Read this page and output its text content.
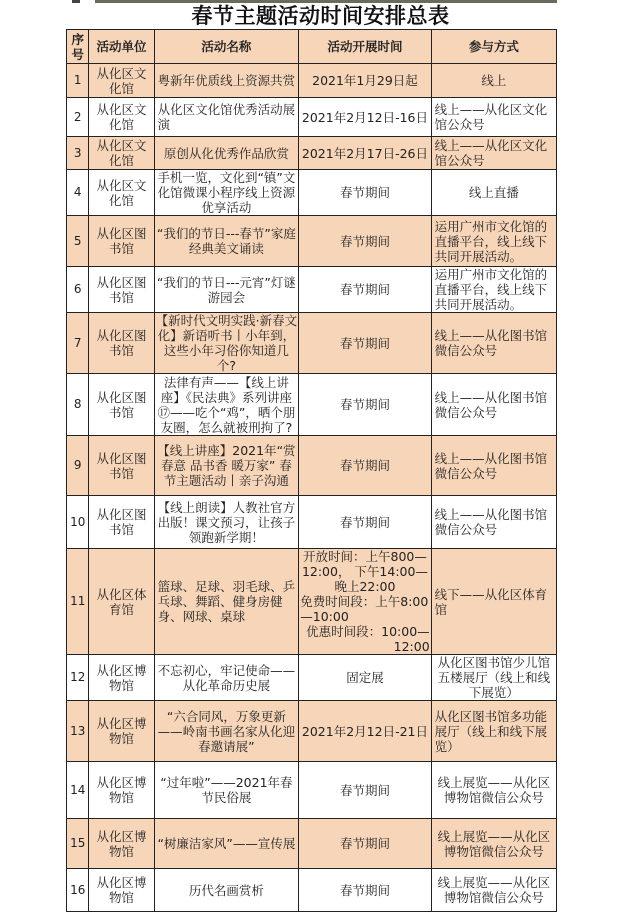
春节主题活动时间安排总表
序号	活动单位	活动名称	活动开展时间	参与方式
1	从化区文化馆	粤新年优质线上资源共赏	2021年1月29日起	线上
2	从化区文化馆	从化区文化馆优秀活动展演	2021年2月12日-16日	线上——从化区文化馆公众号
3	从化区文化馆	原创从化优秀作品欣赏	2021年2月17日-26日	线上——从化区文化馆公众号
4	从化区文化馆	手机一览，文化到“镇”文化馆微课小程序线上资源优享活动	春节期间	线上直播
5	从化区图书馆	“我们的节日---春节”家庭经典美文诵读	春节期间	运用广州市文化馆的直播平台，线上线下共同开展活动。
6	从化区图书馆	“我们的节日---元宵”灯谜游园会	春节期间	运用广州市文化馆的直播平台，线上线下共同开展活动。
7	从化区图书馆	【新时代文明实践·新春文化】新语听书丨小年到，这些小年习俗你知道几个?	春节期间	线上——从化图书馆微信公众号
8	从化区图书馆	法律有声——【线上讲座】《民法典》系列讲座⑰——吃个“鸡”，晒个朋友圈，怎么就被刑拘了?	春节期间	线上——从化图书馆微信公众号
9	从化区图书馆	【线上讲座】2021年“赏春意 品书香 暖万家” 春节主题活动丨亲子沟通	春节期间	线上——从化图书馆微信公众号
10	从化区图书馆	【线上朗读】人教社官方出版！课文预习，让孩子领跑新学期！	春节期间	线上——从化图书馆微信公众号
11	从化区体育馆	篮球、足球、羽毛球、乒乓球、舞蹈、健身房健身、网球、桌球	开放时间：上午800—12:00， 下午14:00—晚上22:00
免费时间段：上午8:00—10:00
优惠时间段：10:00—12:00	线下——从化区体育馆
12	从化区博物馆	不忘初心，牢记使命——从化革命历史展	固定展	从化区图书馆少儿馆五楼展厅（线上和线下展览）
13	从化区博物馆	“六合同风，万象更新——岭南书画名家从化迎春邀请展”	2021年2月12日-21日	从化区图书馆多功能展厅（线上和线下展览）
14	从化区博物馆	“过年啦”——2021年春节民俗展	春节期间	线上展览——从化区博物馆微信公众号
15	从化区博物馆	“树廉洁家风”——宣传展	春节期间	线上展览——从化区博物馆微信公众号
16	从化区博物馆	历代名画赏析	春节期间	线上展览——从化区博物馆微信公众号
